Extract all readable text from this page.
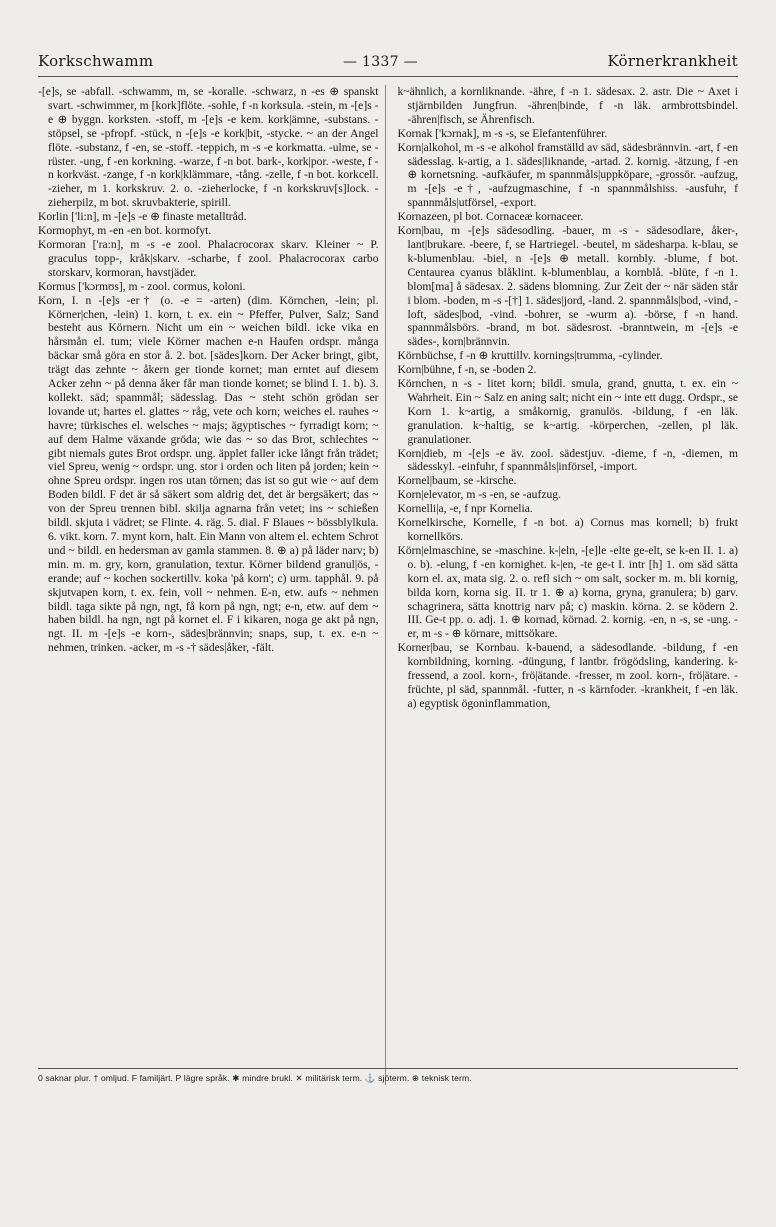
Korkschwamm	— 1337 —	Körnerkrankheit

-[e]s, se -abfall. -schwamm, m, se -koralle. -schwarz, n -es ⊕ spanskt svart. -schwimmer, m [kork]flöte. -sohle, f -n korksula. -stein, m -[e]s -e ⊕ byggn. korksten. -stoff, m -[e]s -e kem. kork|ämne, -substans. -stöpsel, se -pfropf. -stück, n -[e]s -e kork|bit, -stycke. ~ an der Angel flöte. -substanz, f -en, se -stoff. -teppich, m -s -e korkmatta. -ulme, se -rüster. -ung, f -en korkning. -warze, f -n bot. bark-, kork|por. -weste, f -n korkväst. -zange, f -n kork|klämmare, -tång. -zelle, f -n bot. korkcell. -zieher, m 1. korkskruv. 2. o. -zieherlocke, f -n korkskruv[s]lock. -zieherpilz, m bot. skruvbakterie, spirill.

Korlin ['li:n], m -[e]s -e ⊕ finaste metalltråd.

Kormophyt, m -en -en bot. kormofyt.

Kormoran ['ra:n], m -s -e zool. Phalacrocorax skarv. Kleiner ~ P. graculus topp-, kråk|skarv. -scharbe, f zool. Phalacrocorax carbo storskarv, kormoran, havstjäder.

Kormus ['kɔrmʊs], m - zool. cormus, koloni.

Korn, I. n -[e]s -er† (o. -e = -arten) (dim. Körnchen, -lein; pl. Körner|chen, -lein) 1. korn, t. ex. ein ~ Pfeffer, Pulver, Salz; Sand besteht aus Körnern. Nicht um ein ~ weichen bildl. icke vika en hårsmån el. tum; viele Körner machen e-n Haufen ordspr. många bäckar små göra en stor å. 2. bot. [sädes]korn. Der Acker bringt, gibt, trägt das zehnte ~ åkern ger tionde kornet; man erntet auf diesem Acker zehn ~ på denna åker får man tionde kornet; se blind I. 1. b). 3. kollekt. säd; spannmål; sädesslag. Das ~ steht schön grödan ser lovande ut; hartes el. glattes ~ råg, vete och korn; weiches el. rauhes ~ havre; türkisches el. welsches ~ majs; ägyptisches ~ fyrradigt korn; ~ auf dem Halme växande gröda; wie das ~ so das Brot, schlechtes ~ gibt niemals gutes Brot ordspr. ung. äpplet faller icke långt från trädet; viel Spreu, wenig ~ ordspr. ung. stor i orden och liten på jorden; kein ~ ohne Spreu ordspr. ingen ros utan törnen; das ist so gut wie ~ auf dem Boden bildl. F det är så säkert som aldrig det, det är bergsäkert; das ~ von der Spreu trennen bibl. skilja agnarna från vetet; ins ~ schießen bildl. skjuta i vädret; se Flinte. 4. räg. 5. dial. F Blaues ~ bössblylkula. 6. vikt. korn. 7. mynt korn, halt. Ein Mann von altem el. echtem Schrot und ~ bildl. en hedersman av gamla stammen. 8. ⊕ a) på läder narv; b) min. m. m. gry, korn, granulation, textur. Körner bildend granul|ös, -erande; auf ~ kochen sockertillv. koka 'på korn'; c) urm. tapphål. 9. på skjutvapen korn, t. ex. fein, voll ~ nehmen. E-n, etw. aufs ~ nehmen bildl. taga sikte på ngn, ngt, få korn på ngn, ngt; e-n, etw. auf dem ~ haben bildl. ha ngn, ngt på kornet el. F i kikaren, noga ge akt på ngn, ngt. II. m -[e]s -e korn-, sädes|brännvin; snaps, sup, t. ex. e-n ~ nehmen, trinken. -acker, m -s -† sädes|åker, -fält.

k~ähnlich, a kornliknande. -ähre, f -n 1. sädesax. 2. astr. Die ~ Axet i stjärnbilden Jungfrun. -ähren|binde, f -n läk. armbrottsbindel. -ähren|fisch, se Ährenfisch.

Kornak ['kɔrnak], m -s -s, se Elefantenführer.

Korn|alkohol, m -s -e alkohol framställd av säd, sädesbrännvin. -art, f -en sädesslag. k-artig, a 1. sädes|liknande, -artad. 2. kornig. -ätzung, f -en ⊕ kornetsning. -aufkäufer, m spannmåls|uppköpare, -grossör. -aufzug, m -[e]s -e†, -aufzugmaschine, f -n spannmålshiss. -ausfuhr, f spannmåls|utförsel, -export.

Kornazeen, pl bot. Cornaceæ kornaceer.

Korn|bau, m -[e]s sädesodling. -bauer, m -s - sädesodlare, åker-, lant|brukare. -beere, f, se Hartriegel. -beutel, m sädesharpa. k-blau, se k-blumenblau. -biel, n -[e]s ⊕ metall. kornbly. -blume, f bot. Centaurea cyanus blåklint. k-blumenblau, a kornblå. -blüte, f -n 1. blom[ma] å sädesax. 2. sädens blomning. Zur Zeit der ~ när säden står i blom. -boden, m -s -[†] 1. sädes|jord, -land. 2. spannmåls|bod, -vind, -loft, sädes|bod, -vind. -bohrer, se -wurm a). -börse, f -n hand. spannmålsbörs. -brand, m bot. sädesrost. -branntwein, m -[e]s -e sädes-, korn|brännvin.

Körnbüchse, f -n ⊕ kruttillv. kornings|trumma, -cylinder.

Korn|bühne, f -n, se -boden 2.

Körnchen, n -s - litet korn; bildl. smula, grand, gnutta, t. ex. ein ~ Wahrheit. Ein ~ Salz en aning salt; nicht ein ~ inte ett dugg. Ordspr., se Korn 1. k~artig, a småkornig, granulös. -bildung, f -en läk. granulation. k~haltig, se k~artig. -körperchen, -zellen, pl läk. granulationer.

Korn|dieb, m -[e]s -e äv. zool. sädestjuv. -dieme, f -n, -diemen, m sädesskyl. -einfuhr, f spannmåls|införsel, -import.

Kornel|baum, se -kirsche.

Korn|elevator, m -s -en, se -aufzug.

Kornelli|a, -e, f npr Kornelia.

Kornelkirsche, Kornelle, f -n bot. a) Cornus mas kornell; b) frukt kornellkörs.

Körn|elmaschine, se -maschine. k-|eln, -[e]le -elte ge-elt, se k-en II. 1. a) o. b). -elung, f -en kornighet. k-|en, -te ge-t I. intr [h] 1. om säd sätta korn el. ax, mata sig. 2. o. refl sich ~ om salt, socker m. m. bli kornig, bilda korn, korna sig. II. tr 1. ⊕ a) korna, gryna, granulera; b) garv. schagrinera, sätta knottrig narv på; c) maskin. körna. 2. se ködern 2. III. Ge-t pp. o. adj. 1. ⊕ kornad, körnad. 2. kornig. -en, n -s, se -ung. -er, m -s - ⊕ körnare, mittsökare.

Korner|bau, se Kornbau. k-bauend, a sädesodlande. -bildung, f -en kornbildning, korning. -düngung, f lantbr. frögödsling, kandering. k-fressend, a zool. korn-, frö|ätande. -fresser, m zool. korn-, frö|ätare. -früchte, pl säd, spannmål. -futter, n -s kärnfoder. -krankheit, f -en läk. a) egyptisk ögoninflammation,

0 saknar plur. † omljud. F familjärt. P lägre språk. ✱ mindre brukl. ✕ militärisk term. ⚓ sjöterm. ⊕ teknisk term.
